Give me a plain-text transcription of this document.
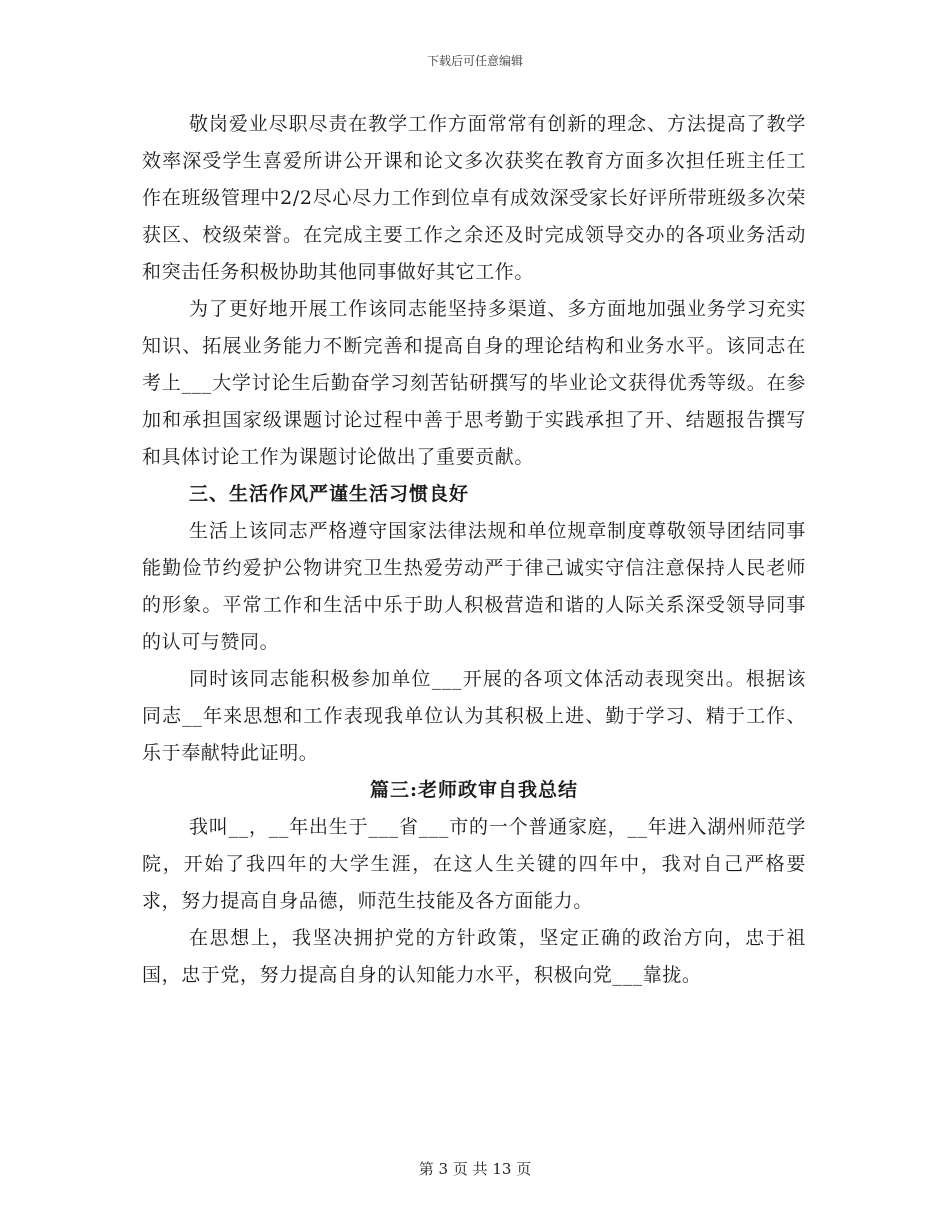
下载后可任意编辑

敬岗爱业尽职尽责在教学工作方面常常有创新的理念、方法提高了教学效率深受学生喜爱所讲公开课和论文多次获奖在教育方面多次担任班主任工作在班级管理中2/2尽心尽力工作到位卓有成效深受家长好评所带班级多次荣获区、校级荣誉。在完成主要工作之余还及时完成领导交办的各项业务活动和突击任务积极协助其他同事做好其它工作。

为了更好地开展工作该同志能坚持多渠道、多方面地加强业务学习充实知识、拓展业务能力不断完善和提高自身的理论结构和业务水平。该同志在考上___大学讨论生后勤奋学习刻苦钻研撰写的毕业论文获得优秀等级。在参加和承担国家级课题讨论过程中善于思考勤于实践承担了开、结题报告撰写和具体讨论工作为课题讨论做出了重要贡献。

三、生活作风严谨生活习惯良好

生活上该同志严格遵守国家法律法规和单位规章制度尊敬领导团结同事能勤俭节约爱护公物讲究卫生热爱劳动严于律己诚实守信注意保持人民老师的形象。平常工作和生活中乐于助人积极营造和谐的人际关系深受领导同事的认可与赞同。

同时该同志能积极参加单位___开展的各项文体活动表现突出。根据该同志__年来思想和工作表现我单位认为其积极上进、勤于学习、精于工作、乐于奉献特此证明。

篇三:老师政审自我总结

我叫__，__年出生于___省___市的一个普通家庭，__年进入湖州师范学院，开始了我四年的大学生涯，在这人生关键的四年中，我对自己严格要求，努力提高自身品德，师范生技能及各方面能力。

在思想上，我坚决拥护党的方针政策，坚定正确的政治方向，忠于祖国，忠于党，努力提高自身的认知能力水平，积极向党___靠拢。

第 3 页 共 13 页
